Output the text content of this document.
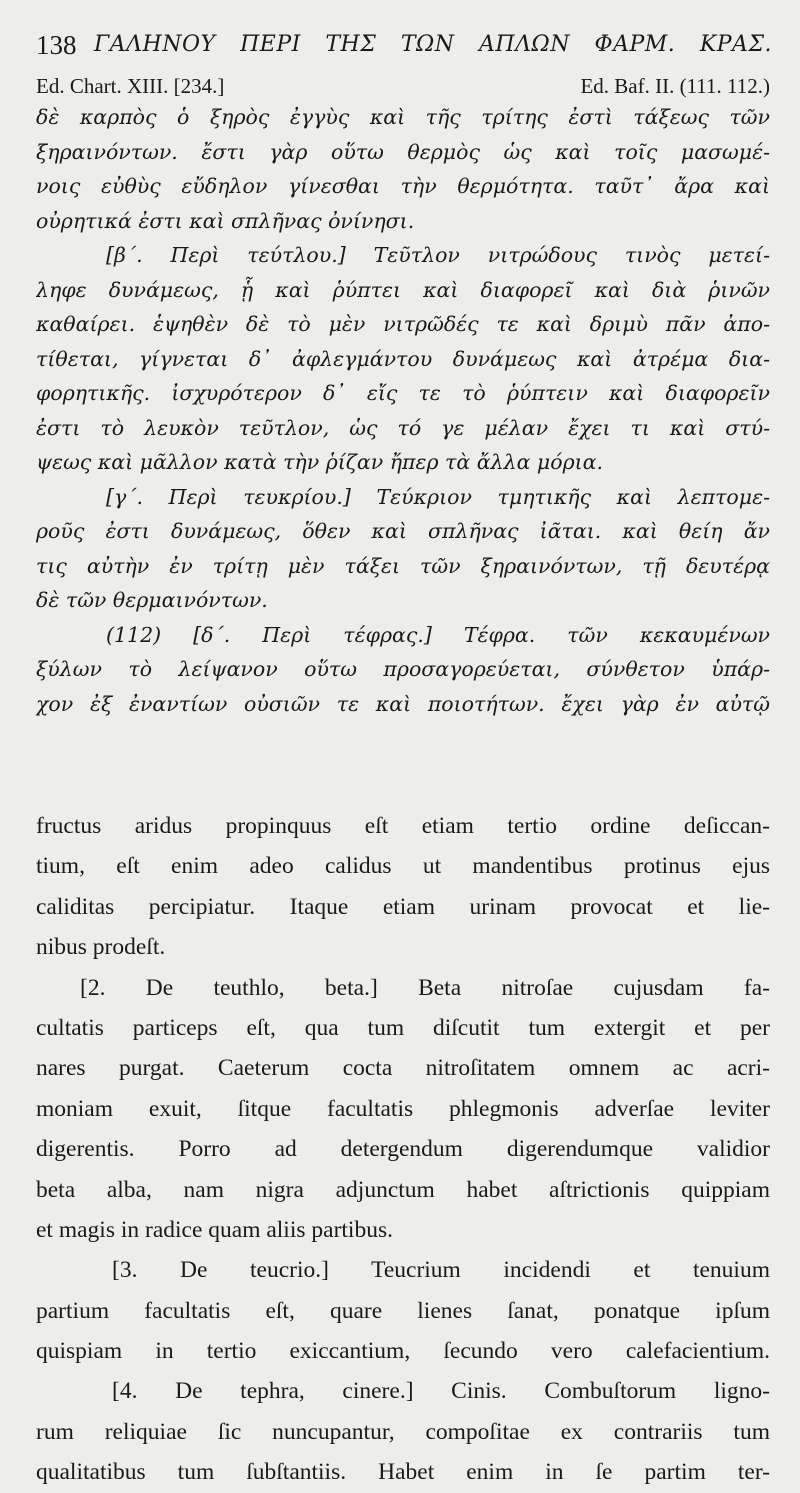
138 ΓΑΛΗΝΟΥ ΠΕΡΙ ΤΗΣ ΤΩΝ ΑΠΛΩΝ ΦΑΡΜ. ΚΡΑΣ.
Ed. Chart. XIII. [234.]	Ed. Baf. II. (111. 112.)
δὲ καρπὸς ὁ ξηρὸς ἐγγὺς καὶ τῆς τρίτης ἐστὶ τάξεως τῶν
ξηραινόντων. ἔστι γὰρ οὕτω θερμὸς ὡς καὶ τοῖς μασωμέ-
νοις εὐθὺς εὔδηλον γίνεσθαι τὴν θερμότητα. ταῦτ᾽ ἄρα καὶ
οὐρητικά ἐστι καὶ σπλῆνας ὀνίνησι.
[β΄. Περὶ τεύτλου.] Τεῦτλον νιτρώδους τινὸς μετεί-
ληφε δυνάμεως, ᾗ καὶ ῥύπτει καὶ διαφορεῖ καὶ διὰ ῥινῶν
καθαίρει. ἑψηθὲν δὲ τὸ μὲν νιτρῶδές τε καὶ δριμὺ πᾶν ἀπο-
τίθεται, γίγνεται δ᾽ ἀφλεγμάντου δυνάμεως καὶ ἀτρέμα δια-
φορητικῆς. ἰσχυρότερον δ᾽ εἴς τε τὸ ῥύπτειν καὶ διαφορεῖν
ἐστι τὸ λευκὸν τεῦτλον, ὡς τό γε μέλαν ἔχει τι καὶ στύ-
ψεως καὶ μᾶλλον κατὰ τὴν ῥίζαν ἤπερ τὰ ἄλλα μόρια.
[γ΄. Περὶ τευκρίου.] Τεύκριον τμητικῆς καὶ λεπτομε-
ροῦς ἐστι δυνάμεως, ὅθεν καὶ σπλῆνας ἰᾶται. καὶ θείη ἄν
τις αὐτὴν ἐν τρίτῃ μὲν τάξει τῶν ξηραινόντων, τῇ δευτέρᾳ
δὲ τῶν θερμαινόντων.
(112) [δ΄. Περὶ τέφρας.] Τέφρα. τῶν κεκαυμένων
ξύλων τὸ λείψανον οὕτω προσαγορεύεται, σύνθετον ὑπάρ-
χον ἐξ ἐναντίων οὐσιῶν τε καὶ ποιοτήτων. ἔχει γὰρ ἐν αὐτῷ
fructus aridus propinquus eſt etiam tertio ordine deſiccan-
tium, eſt enim adeo calidus ut mandentibus protinus ejus
caliditas percipiatur. Itaque etiam urinam provocat et lie-
nibus prodeſt.
[2. De teuthlo, beta.] Beta nitroſae cujusdam fa-
cultatis particeps eſt, qua tum diſcutit tum extergit et per
nares purgat. Caeterum cocta nitroſitatem omnem ac acri-
moniam exuit, ſitque facultatis phlegmonis adverſae leviter
digerentis. Porro ad detergendum digerendumque validior
beta alba, nam nigra adjunctum habet aſtrictionis quippiam
et magis in radice quam aliis partibus.
[3. De teucrio.] Teucrium incidendi et tenuium
partium facultatis eſt, quare lienes ſanat, ponatque ipſum
quispiam in tertio exiccantium, ſecundo vero calefacientium.
[4. De tephra, cinere.] Cinis. Combuſtorum ligno-
rum reliquiae ſic nuncupantur, compoſitae ex contrariis tum
qualitatibus tum ſubſtantiis. Habet enim in ſe partim ter-
